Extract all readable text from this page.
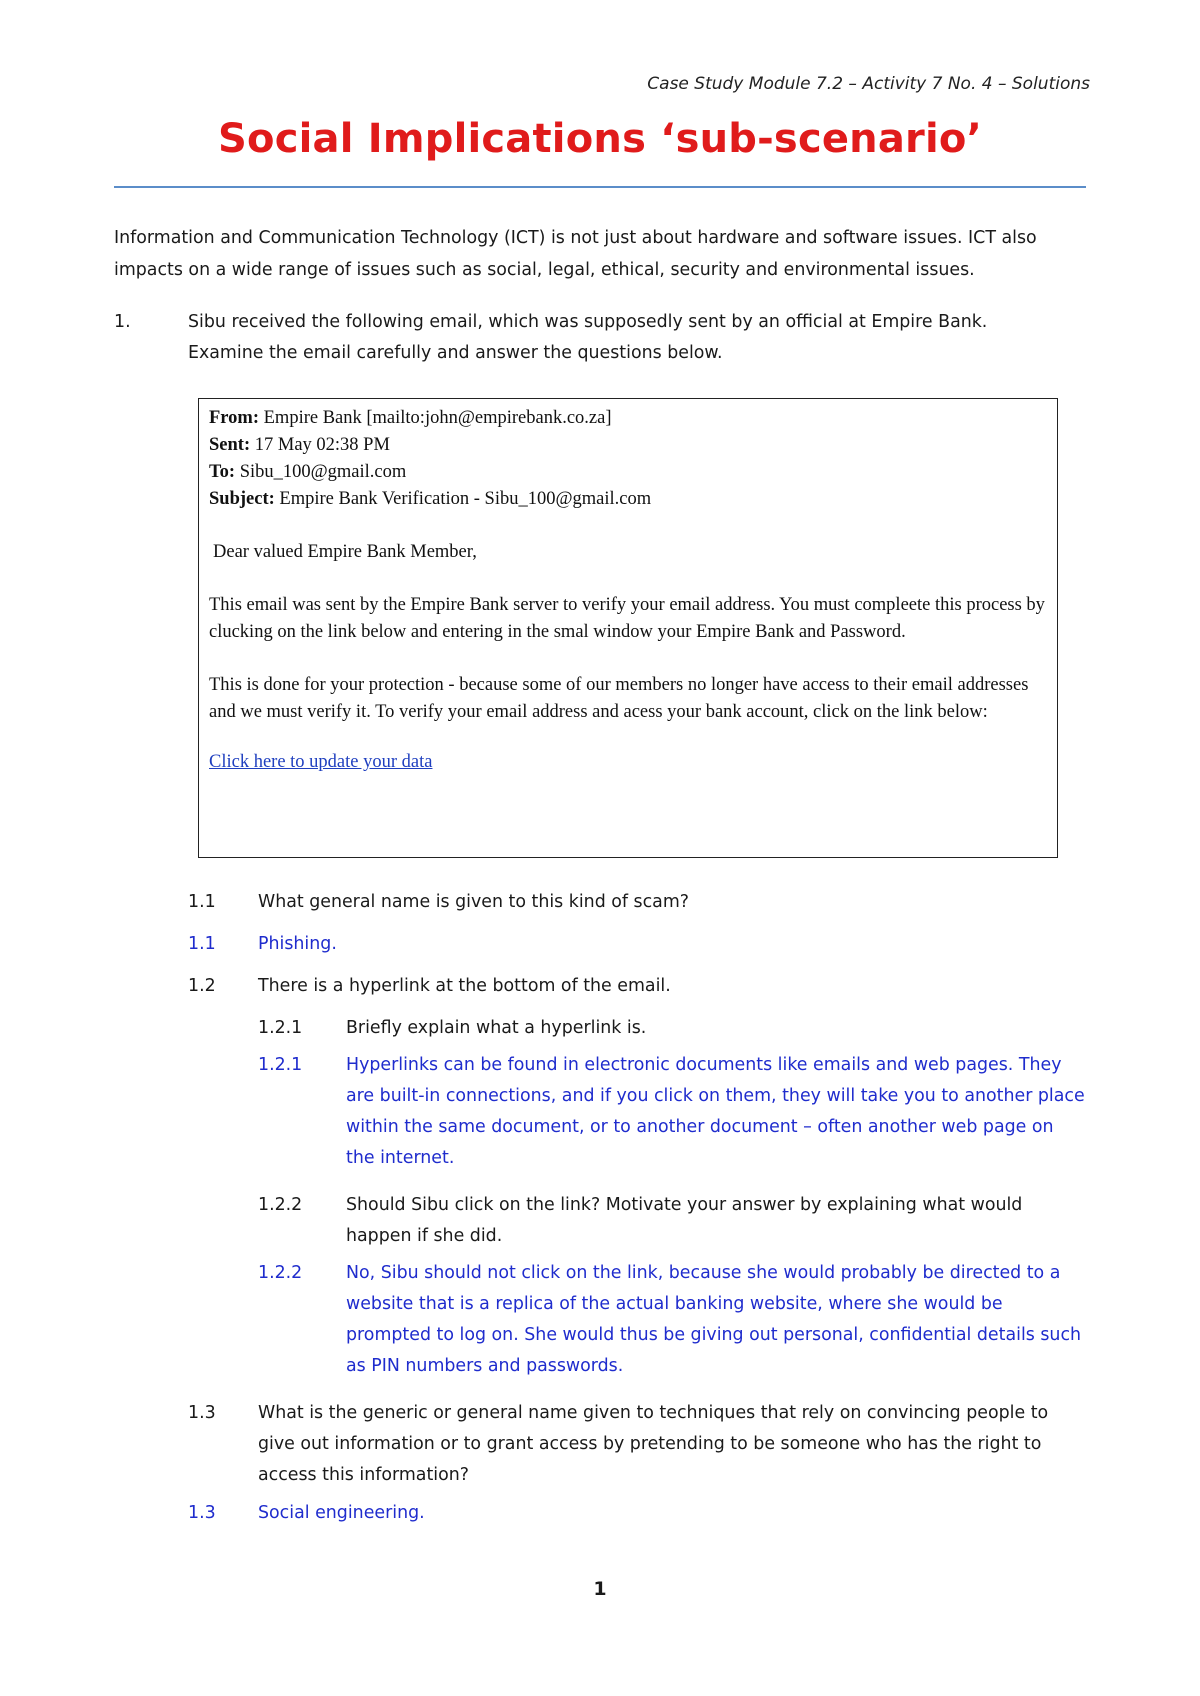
Case Study Module 7.2 – Activity 7 No. 4 – Solutions
Social Implications ‘sub-scenario’
Information and Communication Technology (ICT) is not just about hardware and software issues. ICT also impacts on a wide range of issues such as social, legal, ethical, security and environmental issues.
1.	Sibu received the following email, which was supposedly sent by an official at Empire Bank.
Examine the email carefully and answer the questions below.
From: Empire Bank [mailto:john@empirebank.co.za]
Sent: 17 May 02:38 PM
To: Sibu_100@gmail.com
Subject: Empire Bank Verification - Sibu_100@gmail.com
Dear valued Empire Bank Member,
This email was sent by the Empire Bank server to verify your email address. You must compleete this process by clucking on the link below and entering in the smal window your Empire Bank and Password.
This is done for your protection - because some of our members no longer have access to their email addresses and we must verify it. To verify your email address and acess your bank account, click on the link below:
Click here to update your data
1.1 What general name is given to this kind of scam?
1.1 Phishing.
1.2 There is a hyperlink at the bottom of the email.
1.2.1	Briefly explain what a hyperlink is.
1.2.1	Hyperlinks can be found in electronic documents like emails and web pages. They are built-in connections, and if you click on them, they will take you to another place within the same document, or to another document – often another web page on the internet.
1.2.2	Should Sibu click on the link? Motivate your answer by explaining what would happen if she did.
1.2.2	No, Sibu should not click on the link, because she would probably be directed to a website that is a replica of the actual banking website, where she would be prompted to log on. She would thus be giving out personal, confidential details such as PIN numbers and passwords.
1.3 What is the generic or general name given to techniques that rely on convincing people to give out information or to grant access by pretending to be someone who has the right to access this information?
1.3 Social engineering.
1
